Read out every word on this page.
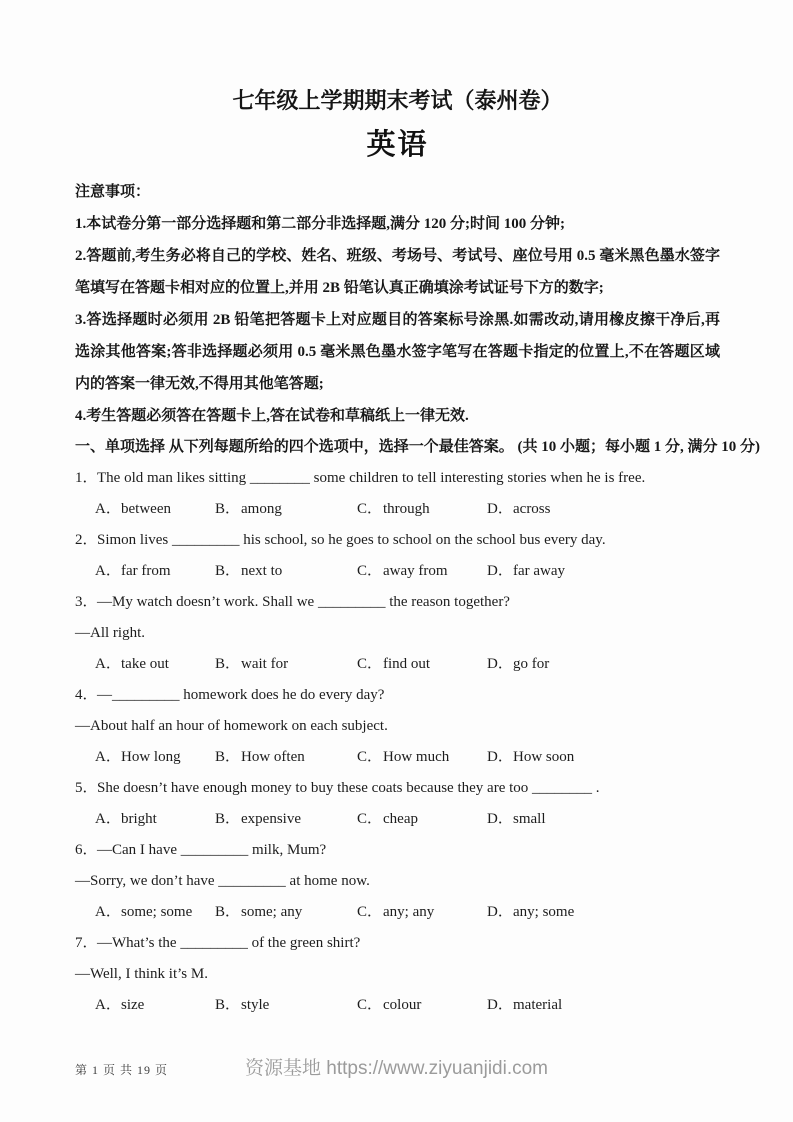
七年级上学期期末考试（泰州卷）
英语

注意事项：

1.本试卷分第一部分选择题和第二部分非选择题,满分 120 分;时间 100 分钟;

2.答题前,考生务必将自己的学校、姓名、班级、考场号、考试号、座位号用 0.5 毫米黑色墨水签字笔填写在答题卡相对应的位置上,并用 2B 铅笔认真正确填涂考试证号下方的数字;

3.答选择题时必须用 2B 铅笔把答题卡上对应题目的答案标号涂黑.如需改动,请用橡皮擦干净后,再选涂其他答案;答非选择题必须用 0.5 毫米黑色墨水签字笔写在答题卡指定的位置上,不在答题区域内的答案一律无效,不得用其他笔答题;

4.考生答题必须答在答题卡上,答在试卷和草稿纸上一律无效.

一、单项选择 从下列每题所给的四个选项中，选择一个最佳答案。 (共 10 小题；每小题 1 分, 满分 10 分)

1．The old man likes sitting ________ some children to tell interesting stories when he is free.

A． between	B． among	C． through	D． across

2．Simon lives _________ his school, so he goes to school on the school bus every day.

A． far from	B． next to	C． away from	D． far away

3．—My watch doesn’t work. Shall we _________ the reason together?

—All right.

A． take out	B． wait for	C． find out	D． go for

4．—_________ homework does he do every day?

—About half an hour of homework on each subject.

A． How long B． How often	C． How much	D． How soon

5．She doesn’t have enough money to buy these coats because they are too ________ .

A． bright	B． expensive	C． cheap	D． small

6．—Can I have _________ milk, Mum?

—Sorry, we don’t have _________ at home now.

A． some; some B． some; any	C． any; any	D． any; some

7．—What’s the _________ of the green shirt?

—Well, I think it’s M.

A． size	B． style	C． colour	D． material
第 1 页 共 19 页	资源基地 https://www.ziyuanjidi.com
